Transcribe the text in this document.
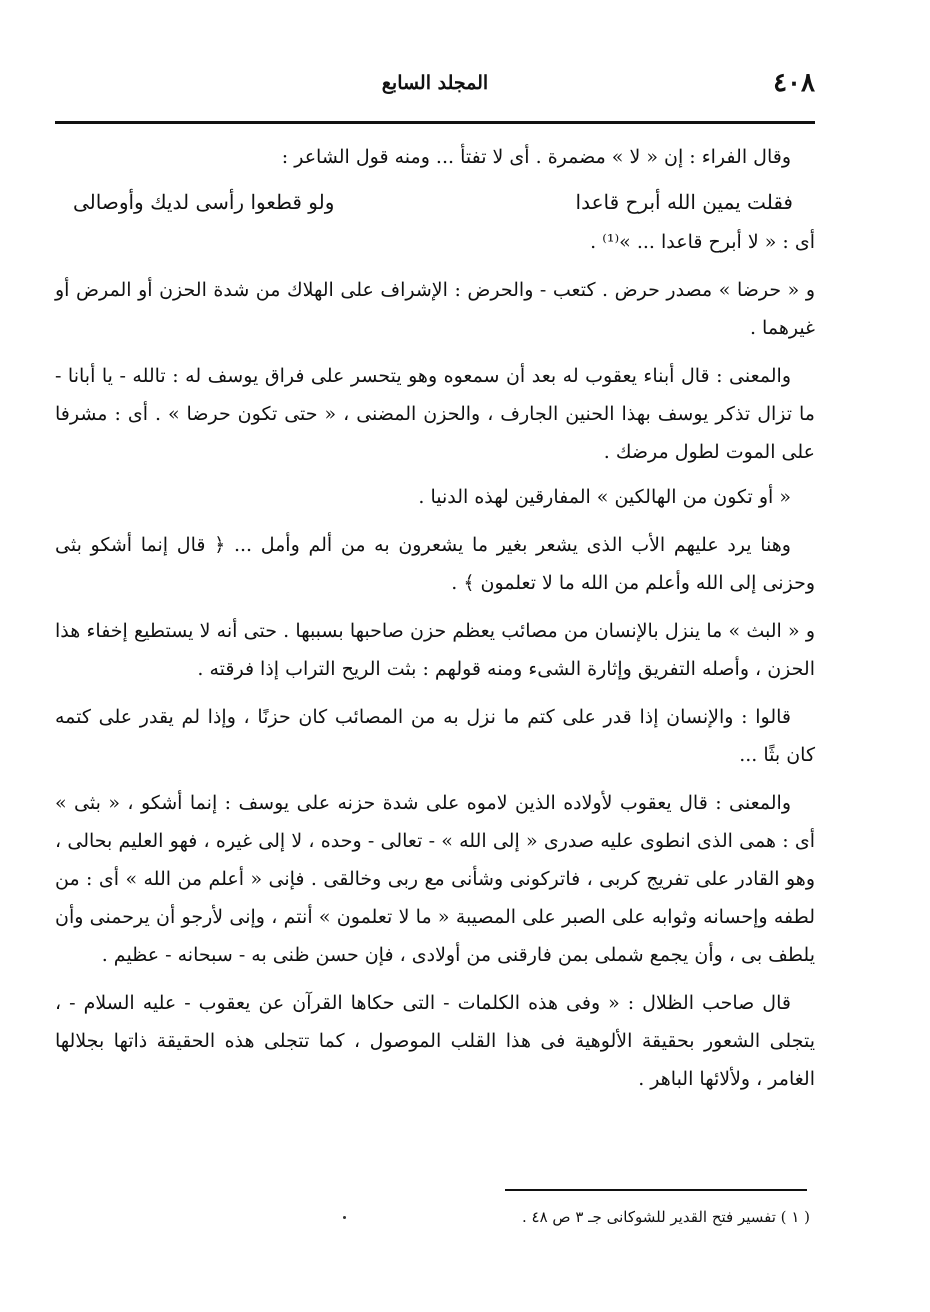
٤٠٨
المجلد السابع

وقال الفراء : إن « لا » مضمرة . أى لا تفتأ ... ومنه قول الشاعر :

فقلت يمين الله أبرح قاعدا
ولو قطعوا رأسى لديك وأوصالى

أى : « لا أبرح قاعدا ... »⁽¹⁾ .

و « حرضا » مصدر حرض . كتعب - والحرض : الإشراف على الهلاك من شدة الحزن أو المرض أو غيرهما .

والمعنى : قال أبناء يعقوب له بعد أن سمعوه وهو يتحسر على فراق يوسف له : تالله - يا أبانا - ما تزال تذكر يوسف بهذا الحنين الجارف ، والحزن المضنى ، « حتى تكون حرضا » . أى : مشرفا على الموت لطول مرضك .

« أو تكون من الهالكين » المفارقين لهذه الدنيا .

وهنا يرد عليهم الأب الذى يشعر بغير ما يشعرون به من ألم وأمل ... ﴿ قال إنما أشكو بثى وحزنى إلى الله وأعلم من الله ما لا تعلمون ﴾ .

و « البث » ما ينزل بالإنسان من مصائب يعظم حزن صاحبها بسببها . حتى أنه لا يستطيع إخفاء هذا الحزن ، وأصله التفريق وإثارة الشىء ومنه قولهم : بثت الريح التراب إذا فرقته .

قالوا : والإنسان إذا قدر على كتم ما نزل به من المصائب كان حزنًا ، وإذا لم يقدر على كتمه كان بثًا ...

والمعنى : قال يعقوب لأولاده الذين لاموه على شدة حزنه على يوسف : إنما أشكو ، « بثى » أى : همى الذى انطوى عليه صدرى « إلى الله » - تعالى - وحده ، لا إلى غيره ، فهو العليم بحالى ، وهو القادر على تفريج كربى ، فاتركونى وشأنى مع ربى وخالقى . فإنى « أعلم من الله » أى : من لطفه وإحسانه وثوابه على الصبر على المصيبة « ما لا تعلمون » أنتم ، وإنى لأرجو أن يرحمنى وأن يلطف بى ، وأن يجمع شملى بمن فارقنى من أولادى ، فإن حسن ظنى به - سبحانه - عظيم .

قال صاحب الظلال : « وفى هذه الكلمات - التى حكاها القرآن عن يعقوب - عليه السلام - ، يتجلى الشعور بحقيقة الألوهية فى هذا القلب الموصول ، كما تتجلى هذه الحقيقة ذاتها بجلالها الغامر ، ولألائها الباهر .

( ١ ) تفسير فتح القدير للشوكانى جـ ٣ ص ٤٨ .
